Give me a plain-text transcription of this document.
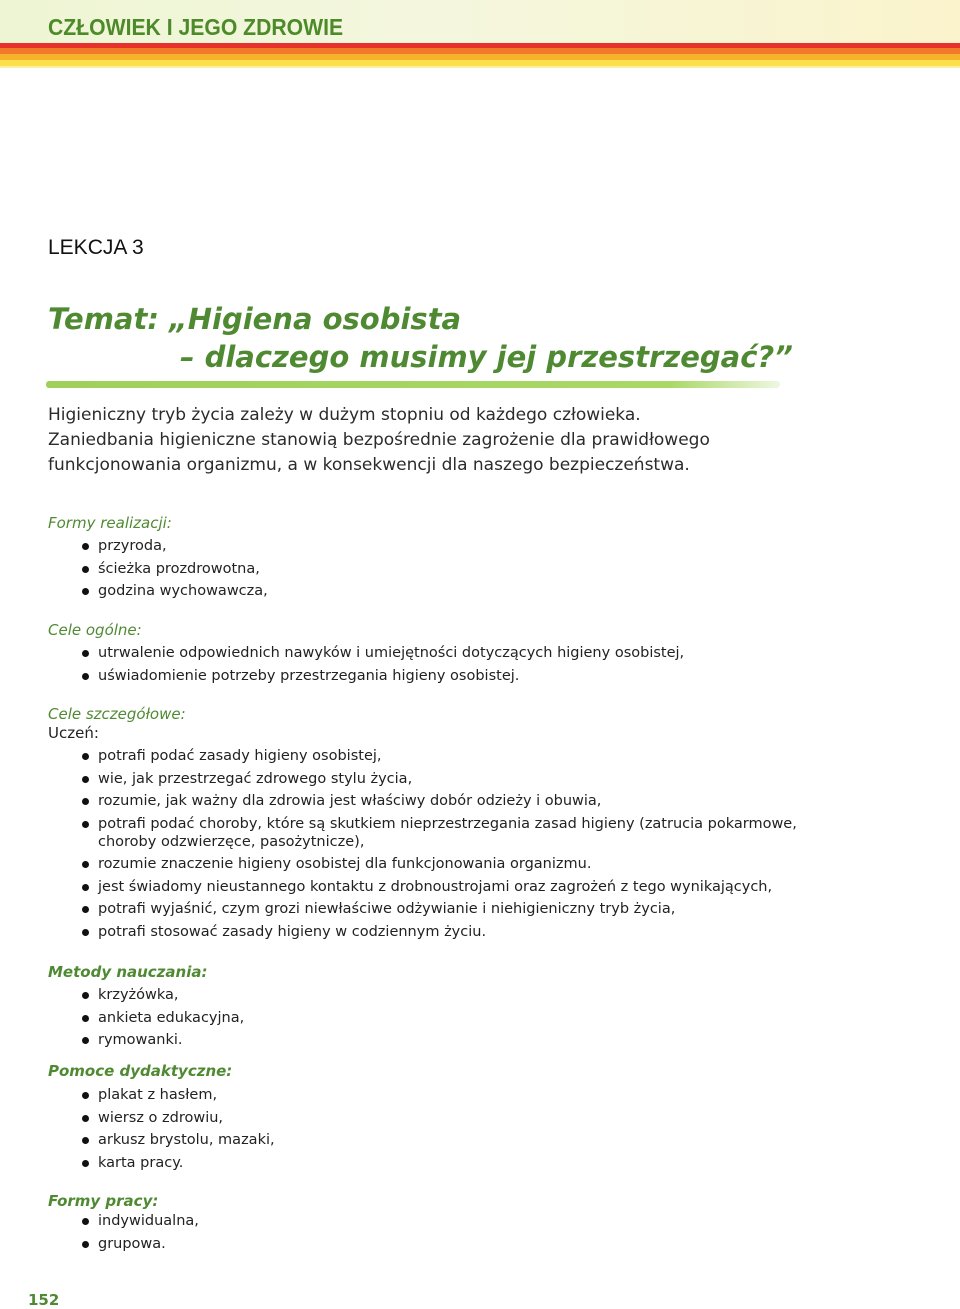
CZŁOWIEK I JEGO ZDROWIE
LEKCJA 3
Temat: „Higiena osobista
– dlaczego musimy jej przestrzegać?”
Higieniczny tryb życia zależy w dużym stopniu od każdego człowieka.
Zaniedbania higieniczne stanowią bezpośrednie zagrożenie dla prawidłowego
funkcjonowania organizmu, a w konsekwencji dla naszego bezpieczeństwa.
Formy realizacji:
przyroda,
ścieżka prozdrowotna,
godzina wychowawcza,
Cele ogólne:
utrwalenie odpowiednich nawyków i umiejętności dotyczących higieny osobistej,
uświadomienie potrzeby przestrzegania higieny osobistej.
Cele szczegółowe:
Uczeń:
potrafi podać zasady higieny osobistej,
wie, jak przestrzegać zdrowego stylu życia,
rozumie, jak ważny dla zdrowia jest właściwy dobór odzieży i obuwia,
potrafi podać choroby, które są skutkiem nieprzestrzegania zasad higieny (zatrucia pokarmowe, choroby odzwierzęce, pasożytnicze),
rozumie znaczenie higieny osobistej dla funkcjonowania organizmu.
jest świadomy nieustannego kontaktu z drobnoustrojami oraz zagrożeń z tego wynikających,
potrafi wyjaśnić, czym grozi niewłaściwe odżywianie i niehigieniczny tryb życia,
potrafi stosować zasady higieny w codziennym życiu.
Metody nauczania:
krzyżówka,
ankieta edukacyjna,
rymowanki.
Pomoce dydaktyczne:
plakat z hasłem,
wiersz o zdrowiu,
arkusz brystolu, mazaki,
karta pracy.
Formy pracy:
indywidualna,
grupowa.
152
